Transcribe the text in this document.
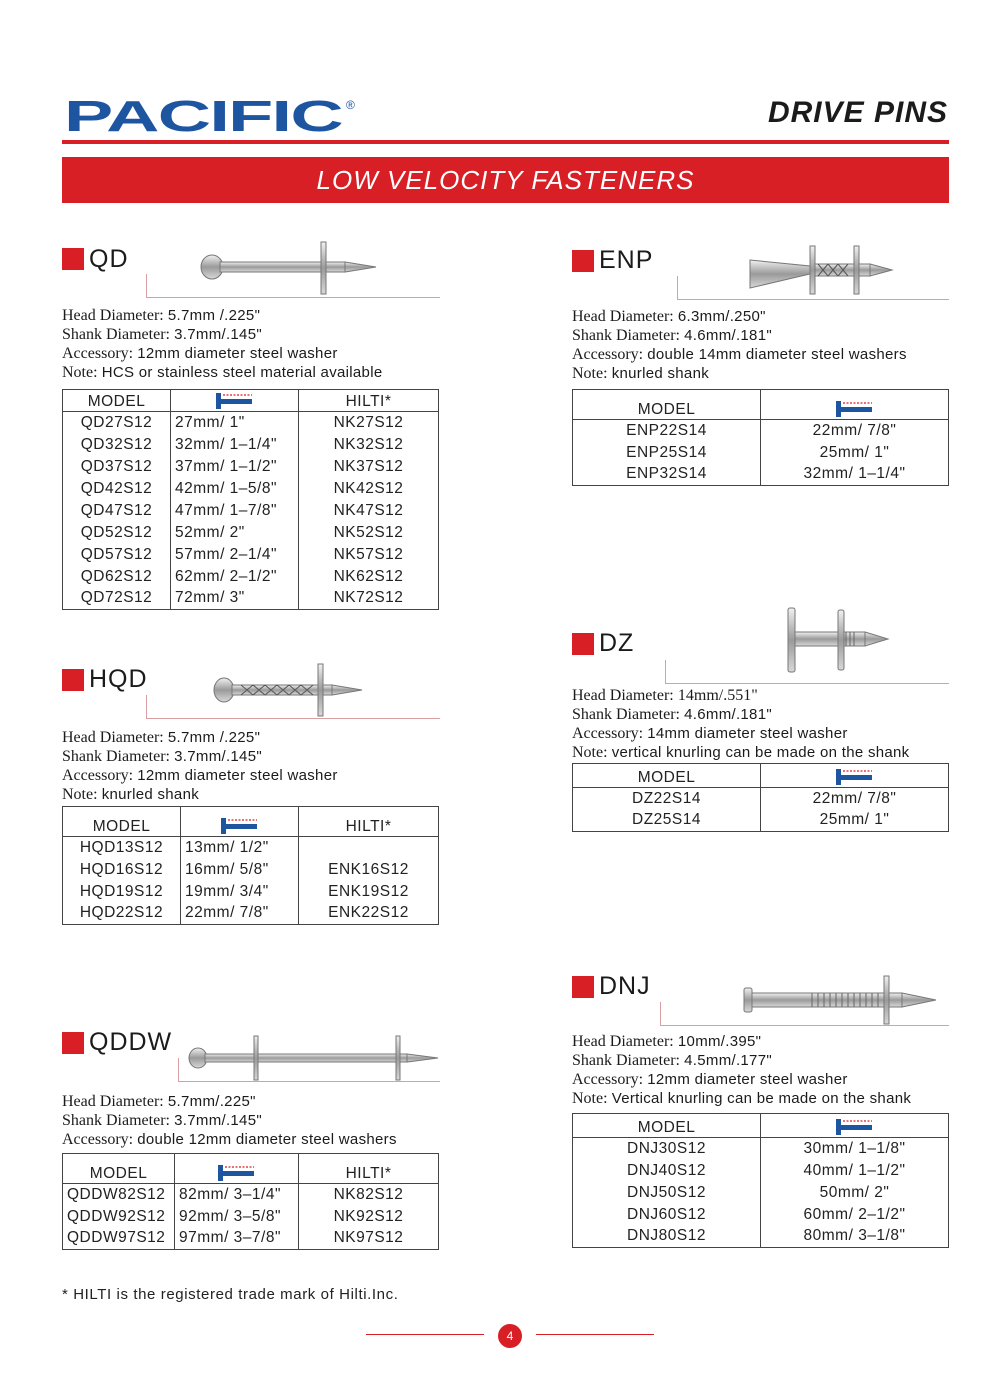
PACIFIC ®	DRIVE PINS
LOW VELOCITY FASTENERS
QD
Head Diameter: 5.7mm /.225"
Shank Diameter: 3.7mm/.145"
Accessory: 12mm diameter steel washer
Note: HCS or stainless steel material available
MODEL		HILTI*
QD27S12	27mm/ 1"	NK27S12
QD32S12	32mm/ 1–1/4"	NK32S12
QD37S12	37mm/ 1–1/2"	NK37S12
QD42S12	42mm/ 1–5/8"	NK42S12
QD47S12	47mm/ 1–7/8"	NK47S12
QD52S12	52mm/ 2"	NK52S12
QD57S12	57mm/ 2–1/4"	NK57S12
QD62S12	62mm/ 2–1/2"	NK62S12
QD72S12	72mm/ 3"	NK72S12
HQD
Head Diameter: 5.7mm /.225"
Shank Diameter: 3.7mm/.145"
Accessory: 12mm diameter steel washer
Note: knurled shank
MODEL		HILTI*
HQD13S12	13mm/ 1/2"	
HQD16S12	16mm/ 5/8"	ENK16S12
HQD19S12	19mm/ 3/4"	ENK19S12
HQD22S12	22mm/ 7/8"	ENK22S12
QDDW
Head Diameter: 5.7mm/.225"
Shank Diameter: 3.7mm/.145"
Accessory: double 12mm diameter steel washers
MODEL		HILTI*
QDDW82S12	82mm/ 3–1/4"	NK82S12
QDDW92S12	92mm/ 3–5/8"	NK92S12
QDDW97S12	97mm/ 3–7/8"	NK97S12
ENP
Head Diameter: 6.3mm/.250"
Shank Diameter: 4.6mm/.181"
Accessory: double 14mm diameter steel washers
Note: knurled shank
MODEL	
ENP22S14	22mm/ 7/8"
ENP25S14	25mm/ 1"
ENP32S14	32mm/ 1–1/4"
DZ
Head Diameter: 14mm/.551"
Shank Diameter: 4.6mm/.181"
Accessory: 14mm diameter steel washer
Note: vertical knurling can be made on the shank
MODEL	
DZ22S14	22mm/ 7/8"
DZ25S14	25mm/ 1"
DNJ
Head Diameter: 10mm/.395"
Shank Diameter: 4.5mm/.177"
Accessory: 12mm diameter steel washer
Note: Vertical knurling can be made on the shank
MODEL	
DNJ30S12	30mm/ 1–1/8"
DNJ40S12	40mm/ 1–1/2"
DNJ50S12	50mm/ 2"
DNJ60S12	60mm/ 2–1/2"
DNJ80S12	80mm/ 3–1/8"
* HILTI is the registered trade mark of Hilti.Inc.
4
